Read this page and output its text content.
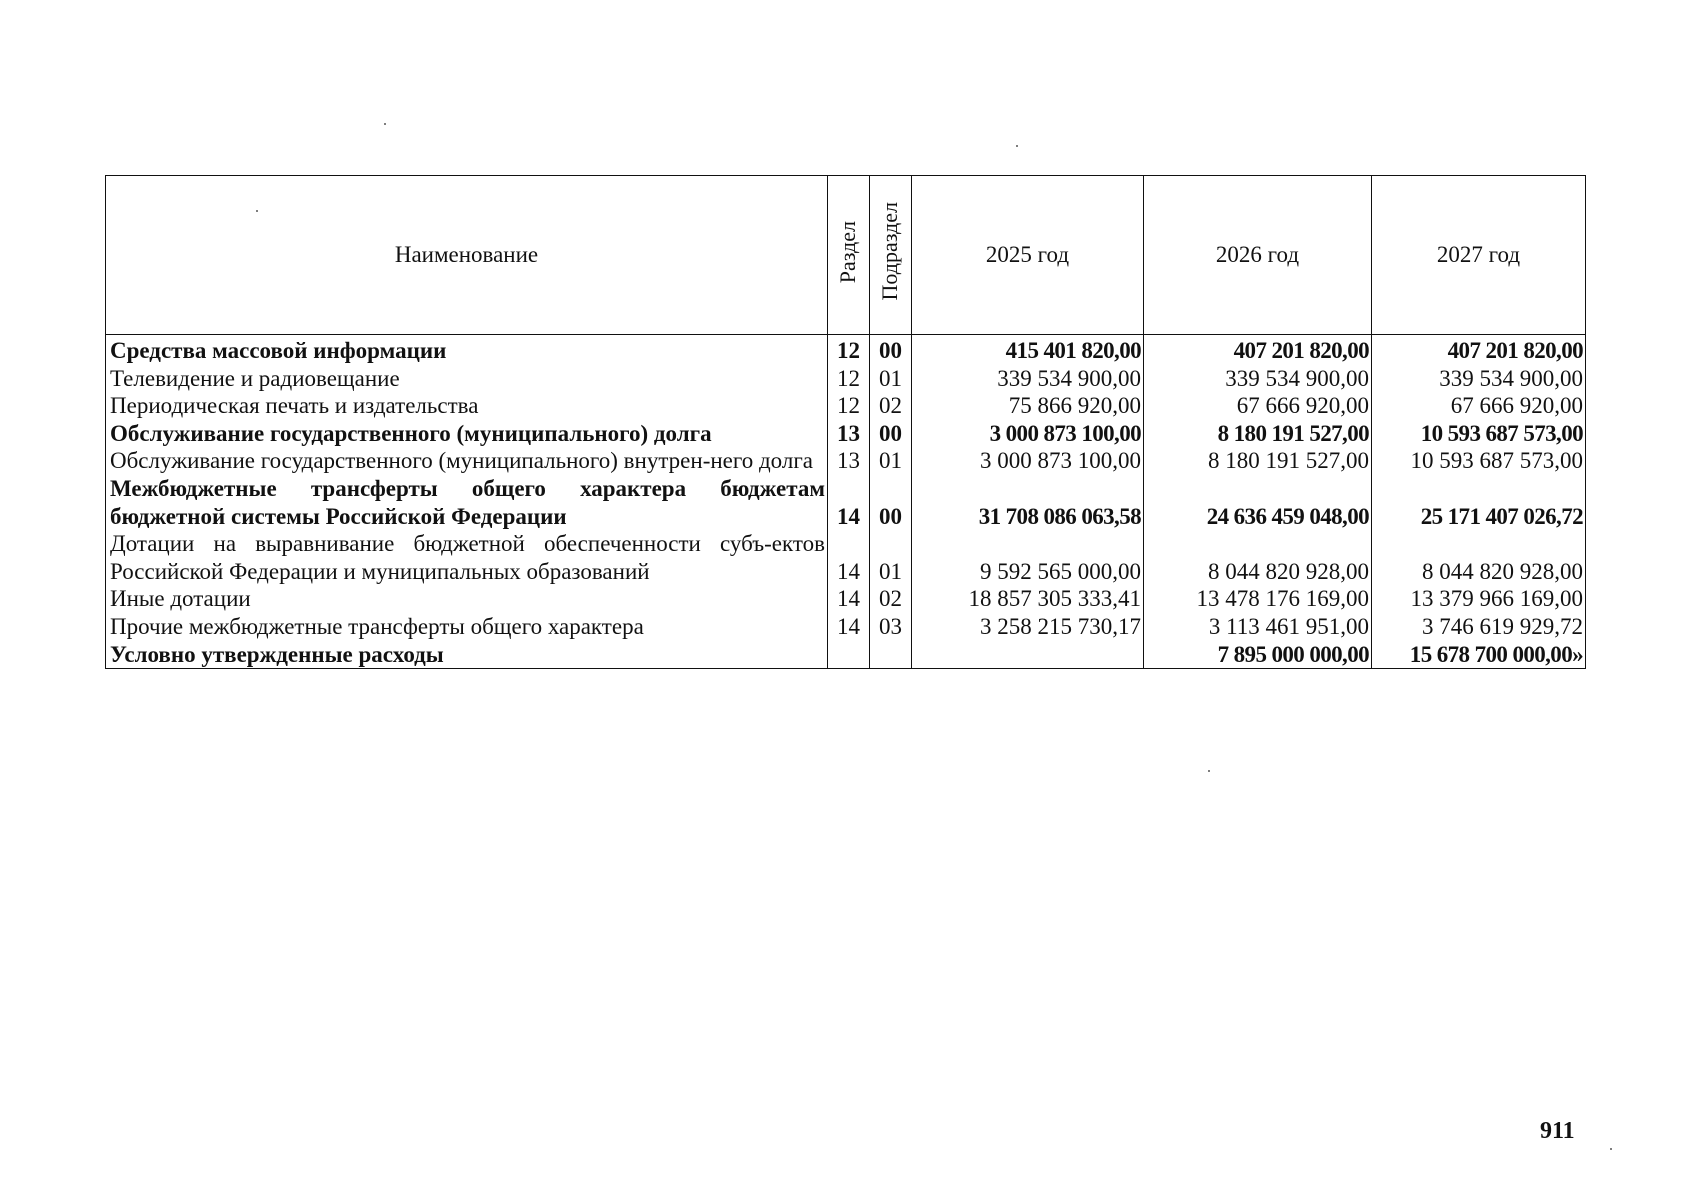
Наименование	Раздел	Подраздел	2025 год	2026 год	2027 год
Средства массовой информации	12	00	415 401 820,00	407 201 820,00	407 201 820,00
Телевидение и радиовещание	12	01	339 534 900,00	339 534 900,00	339 534 900,00
Периодическая печать и издательства	12	02	75 866 920,00	67 666 920,00	67 666 920,00
Обслуживание государственного (муниципального) долга	13	00	3 000 873 100,00	8 180 191 527,00	10 593 687 573,00
Обслуживание государственного (муниципального) внутрен-него долга	13	01	3 000 873 100,00	8 180 191 527,00	10 593 687 573,00
Межбюджетные трансферты общего характера бюджетам бюджетной системы Российской Федерации	14	00	31 708 086 063,58	24 636 459 048,00	25 171 407 026,72
Дотации на выравнивание бюджетной обеспеченности субъ-ектов Российской Федерации и муниципальных образований	14	01	9 592 565 000,00	8 044 820 928,00	8 044 820 928,00
Иные дотации	14	02	18 857 305 333,41	13 478 176 169,00	13 379 966 169,00
Прочие межбюджетные трансферты общего характера	14	03	3 258 215 730,17	3 113 461 951,00	3 746 619 929,72
Условно утвержденные расходы				7 895 000 000,00	15 678 700 000,00»
911
